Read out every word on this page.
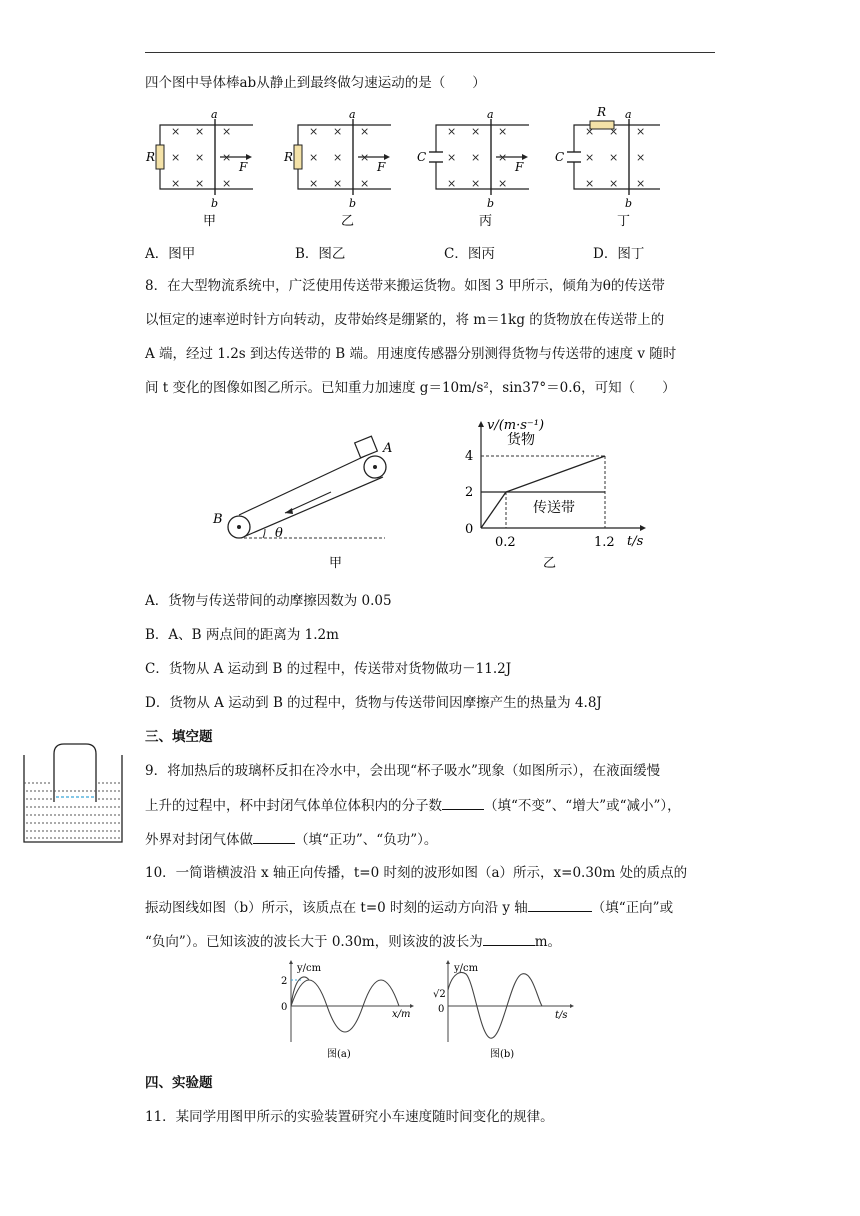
四个图中导体棒ab从静止到最终做匀速运动的是（　　）
R
a
b
F
× × ×
× × ×
× × ×
甲
R
a
b
F
× × ×
× × ×
× × ×
乙
C
a
b
F
× × ×
× × ×
× × ×
丙
C
R a
b
× × ×
× × ×
× × ×
丁
A．图甲	B．图乙	C．图丙	D．图丁
8．在大型物流系统中，广泛使用传送带来搬运货物。如图 3 甲所示，倾角为θ的传送带
以恒定的速率逆时针方向转动，皮带始终是绷紧的，将 m＝1kg 的货物放在传送带上的
A 端，经过 1.2s 到达传送带的 B 端。用速度传感器分别测得货物与传送带的速度 v 随时
间 t 变化的图像如图乙所示。已知重力加速度 g＝10m/s²，sin37°＝0.6，可知（　　）
A
B
θ
甲
v/(m·s⁻¹)
t/s
4
2
0
0.2	1.2
货物
传送带
乙
A．货物与传送带间的动摩擦因数为 0.05
B．A、B 两点间的距离为 1.2m
C．货物从 A 运动到 B 的过程中，传送带对货物做功－11.2J
D．货物从 A 运动到 B 的过程中，货物与传送带间因摩擦产生的热量为 4.8J
三、填空题
9．将加热后的玻璃杯反扣在冷水中，会出现“杯子吸水”现象（如图所示），在液面缓慢
上升的过程中，杯中封闭气体单位体积内的分子数	（填“不变”、“增大”或“减小”），
外界对封闭气体做	（填“正功”、“负功”）。
10．一简谐横波沿 x 轴正向传播，t=0 时刻的波形如图（a）所示，x=0.30m 处的质点的
振动图线如图（b）所示，该质点在 t=0 时刻的运动方向沿 y 轴	（填“正向”或
“负向”）。已知该波的波长大于 0.30m，则该波的波长为	m。
y/cm
x/m
2
0
图(a)
y/cm
t/s
√2
0
图(b)
四、实验题
11．某同学用图甲所示的实验装置研究小车速度随时间变化的规律。
